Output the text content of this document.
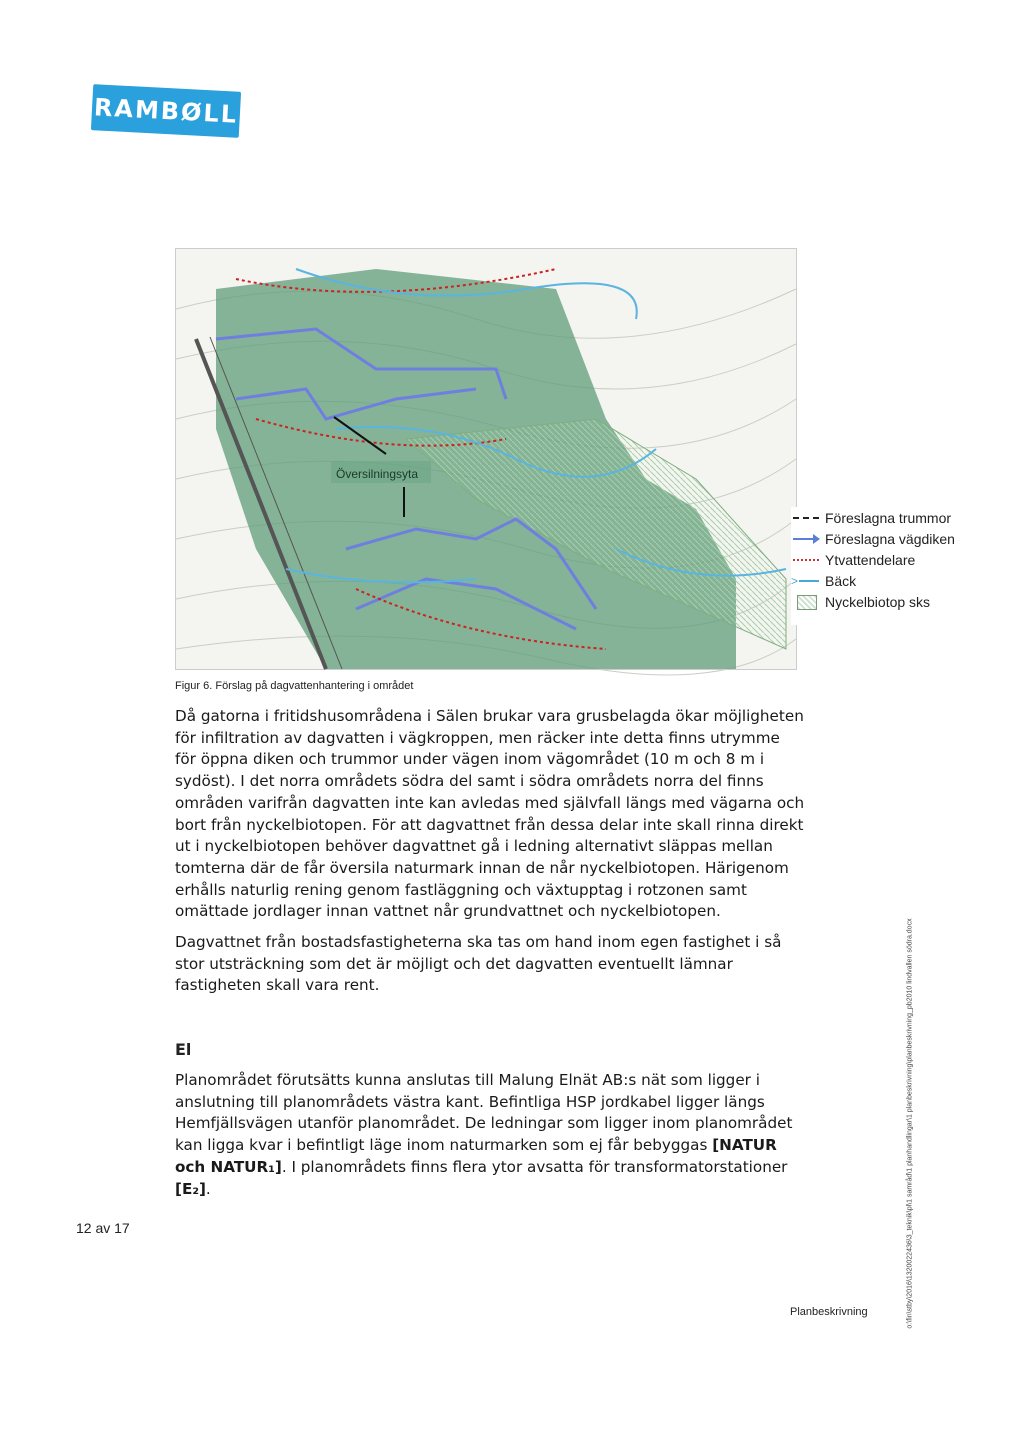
RAMBØLL
Översilningsyta
Föreslagna trummor
Föreslagna vägdiken
Ytvattendelare
> Bäck
Nyckelbiotop sks
Figur 6. Förslag på dagvattenhantering i området

Då gatorna i fritidshusområdena i Sälen brukar vara grusbelagda ökar möjligheten för infiltration av dagvatten i vägkroppen, men räcker inte detta finns utrymme för öppna diken och trummor under vägen inom vägområdet (10 m och 8 m i sydöst). I det norra områdets södra del samt i södra områdets norra del finns områden varifrån dagvatten inte kan avledas med självfall längs med vägarna och bort från nyckelbiotopen. För att dagvattnet från dessa delar inte skall rinna direkt ut i nyckelbiotopen behöver dagvattnet gå i ledning alternativt släppas mellan tomterna där de får översila naturmark innan de når nyckelbiotopen. Härigenom erhålls naturlig rening genom fastläggning och växtupptag i rotzonen samt omättade jordlager innan vattnet når grundvattnet och nyckelbiotopen.

Dagvattnet från bostadsfastigheterna ska tas om hand inom egen fastighet i så stor utsträckning som det är möjligt och det dagvatten eventuellt lämnar fastigheten skall vara rent.

El

Planområdet förutsätts kunna anslutas till Malung Elnät AB:s nät som ligger i anslutning till planområdets västra kant. Befintliga HSP jordkabel ligger längs Hemfjällsvägen utanför planområdet. De ledningar som ligger inom planområdet kan ligga kvar i befintligt läge inom naturmarken som ej får bebyggas [NATUR och NATUR₁]. I planområdets finns flera ytor avsatta för transformatorstationer [E₂].

12 av 17
Planbeskrivning	o:\fin\stby\2016\1320022436\3_teknik\pl\1 samråd\1 planhandlingar\1 planbeskrivning\planbeskrivning_pb2010 lindvallen södra.docx
